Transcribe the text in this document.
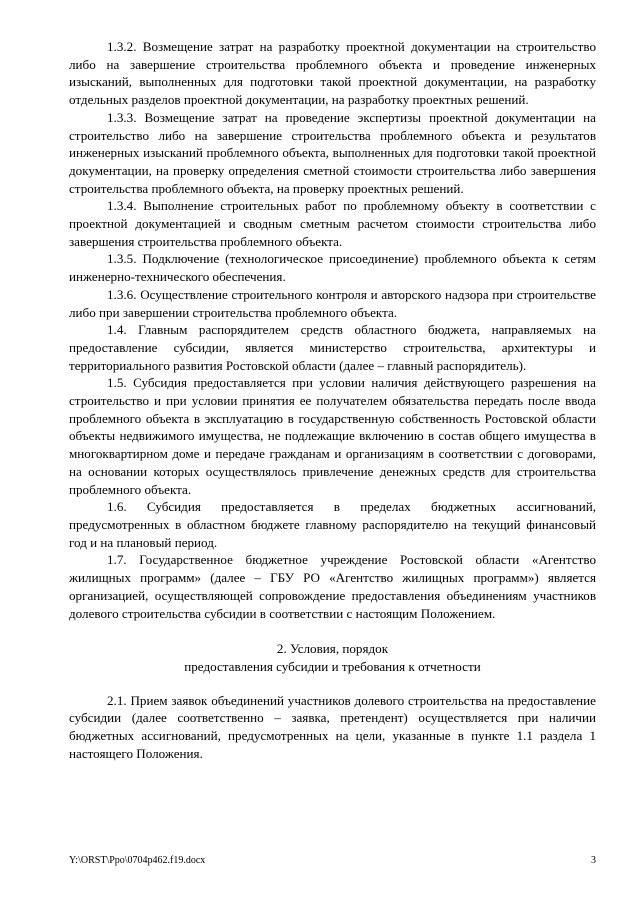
1.3.2. Возмещение затрат на разработку проектной документации на строительство либо на завершение строительства проблемного объекта и проведение инженерных изысканий, выполненных для подготовки такой проектной документации, на разработку отдельных разделов проектной документации, на разработку проектных решений.

1.3.3. Возмещение затрат на проведение экспертизы проектной документации на строительство либо на завершение строительства проблемного объекта и результатов инженерных изысканий проблемного объекта, выполненных для подготовки такой проектной документации, на проверку определения сметной стоимости строительства либо завершения строительства проблемного объекта, на проверку проектных решений.

1.3.4. Выполнение строительных работ по проблемному объекту в соответствии с проектной документацией и сводным сметным расчетом стоимости строительства либо завершения строительства проблемного объекта.

1.3.5. Подключение (технологическое присоединение) проблемного объекта к сетям инженерно-технического обеспечения.

1.3.6. Осуществление строительного контроля и авторского надзора при строительстве либо при завершении строительства проблемного объекта.

1.4. Главным распорядителем средств областного бюджета, направляемых на предоставление субсидии, является министерство строительства, архитектуры и территориального развития Ростовской области (далее – главный распорядитель).

1.5. Субсидия предоставляется при условии наличия действующего разрешения на строительство и при условии принятия ее получателем обязательства передать после ввода проблемного объекта в эксплуатацию в государственную собственность Ростовской области объекты недвижимого имущества, не подлежащие включению в состав общего имущества в многоквартирном доме и передаче гражданам и организациям в соответствии с договорами, на основании которых осуществлялось привлечение денежных средств для строительства проблемного объекта.

1.6. Субсидия предоставляется в пределах бюджетных ассигнований, предусмотренных в областном бюджете главному распорядителю на текущий финансовый год и на плановый период.

1.7. Государственное бюджетное учреждение Ростовской области «Агентство жилищных программ» (далее – ГБУ РО «Агентство жилищных программ») является организацией, осуществляющей сопровождение предоставления объединениям участников долевого строительства субсидии в соответствии с настоящим Положением.

2. Условия, порядок

предоставления субсидии и требования к отчетности

2.1. Прием заявок объединений участников долевого строительства на предоставление субсидии (далее соответственно – заявка, претендент) осуществляется при наличии бюджетных ассигнований, предусмотренных на цели, указанные в пункте 1.1 раздела 1 настоящего Положения.

Y:\ORST\Ppo\0704p462.f19.docx	3
